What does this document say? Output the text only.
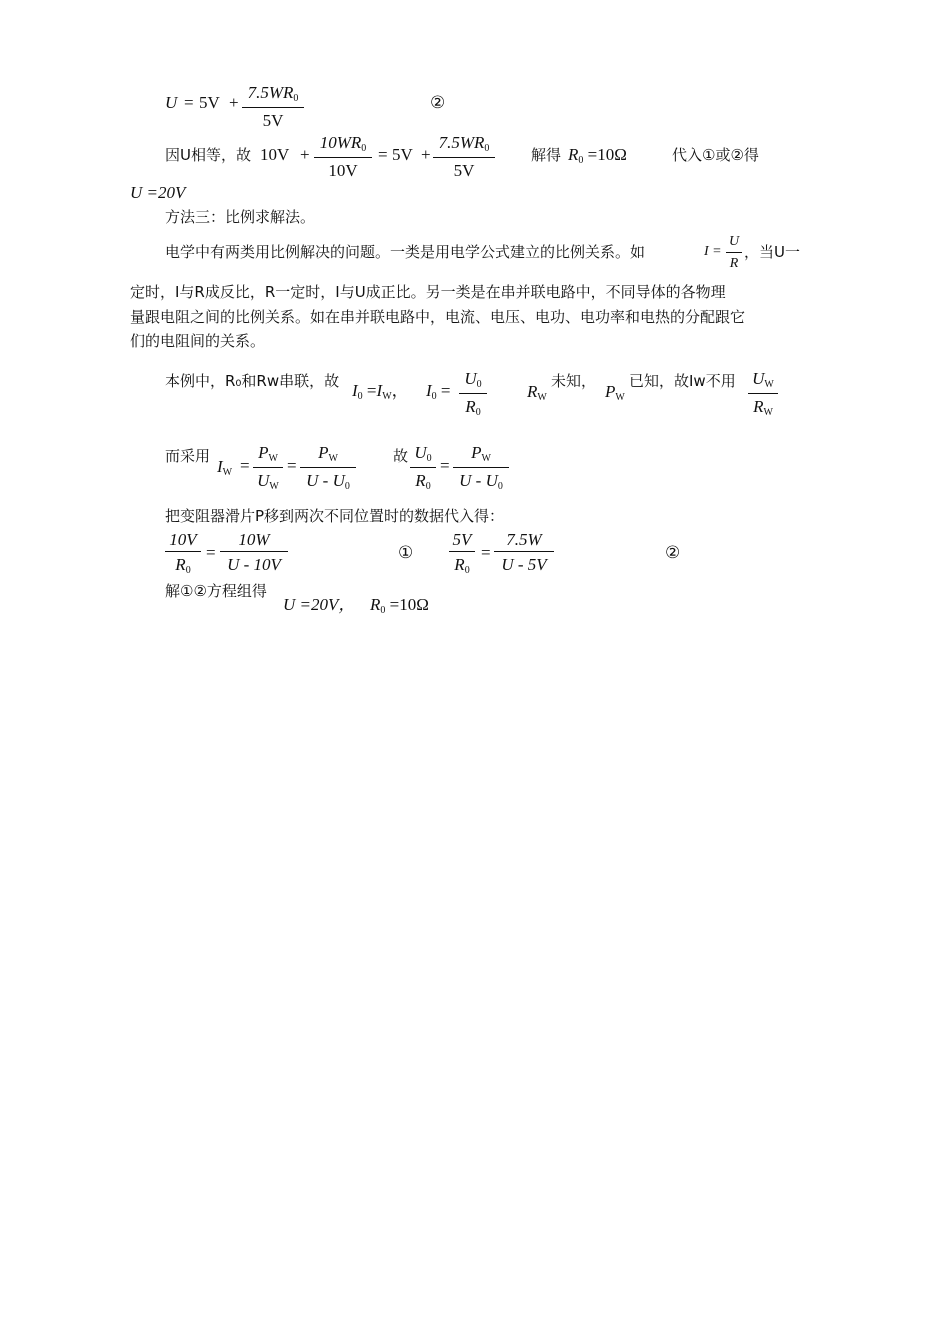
U = 5V +
$7.5WR_0$
5V
②
因U相等，故 10V +
$10WR_0$
10V
= 5V +
$7.5WR_0$
5V
解得 $R_0 =10\Omega$	代入①或②得
U =20V
方法三：比例求解法。
电学中有两类用比例解决的问题。一类是用电学公式建立的比例关系。如	I =
U
R
，当U一
定时，I与R成反比，R一定时，I与U成正比。另一类是在串并联电路中，不同导体的各物理
量跟电阻之间的比例关系。如在串并联电路中，电流、电压、电功、电功率和电热的分配跟它
们的电阻间的关系。
本例中，R₀和Rᴡ串联，故 $I_0 =I_W$， $I_0$ =
$U_0$
$R_0$
$R_W$
未知，
$P_W$
已知，故Iᴡ不用 $U_W$
$R_W$
而采用
$I_W$ =
$P_W$
$U_W$
=
$P_W$
U - $U_0$
故 $U_0$
$R_0$
=
$P_W$
U - $U_0$
把变阻器滑片P移到两次不同位置时的数据代入得：
10V
$R_0$
=
10W
U - 10V
①
5V
$R_0$
=
7.5W
U - 5V
②
解①②方程组得
U =20V， $R_0 =10\Omega$
